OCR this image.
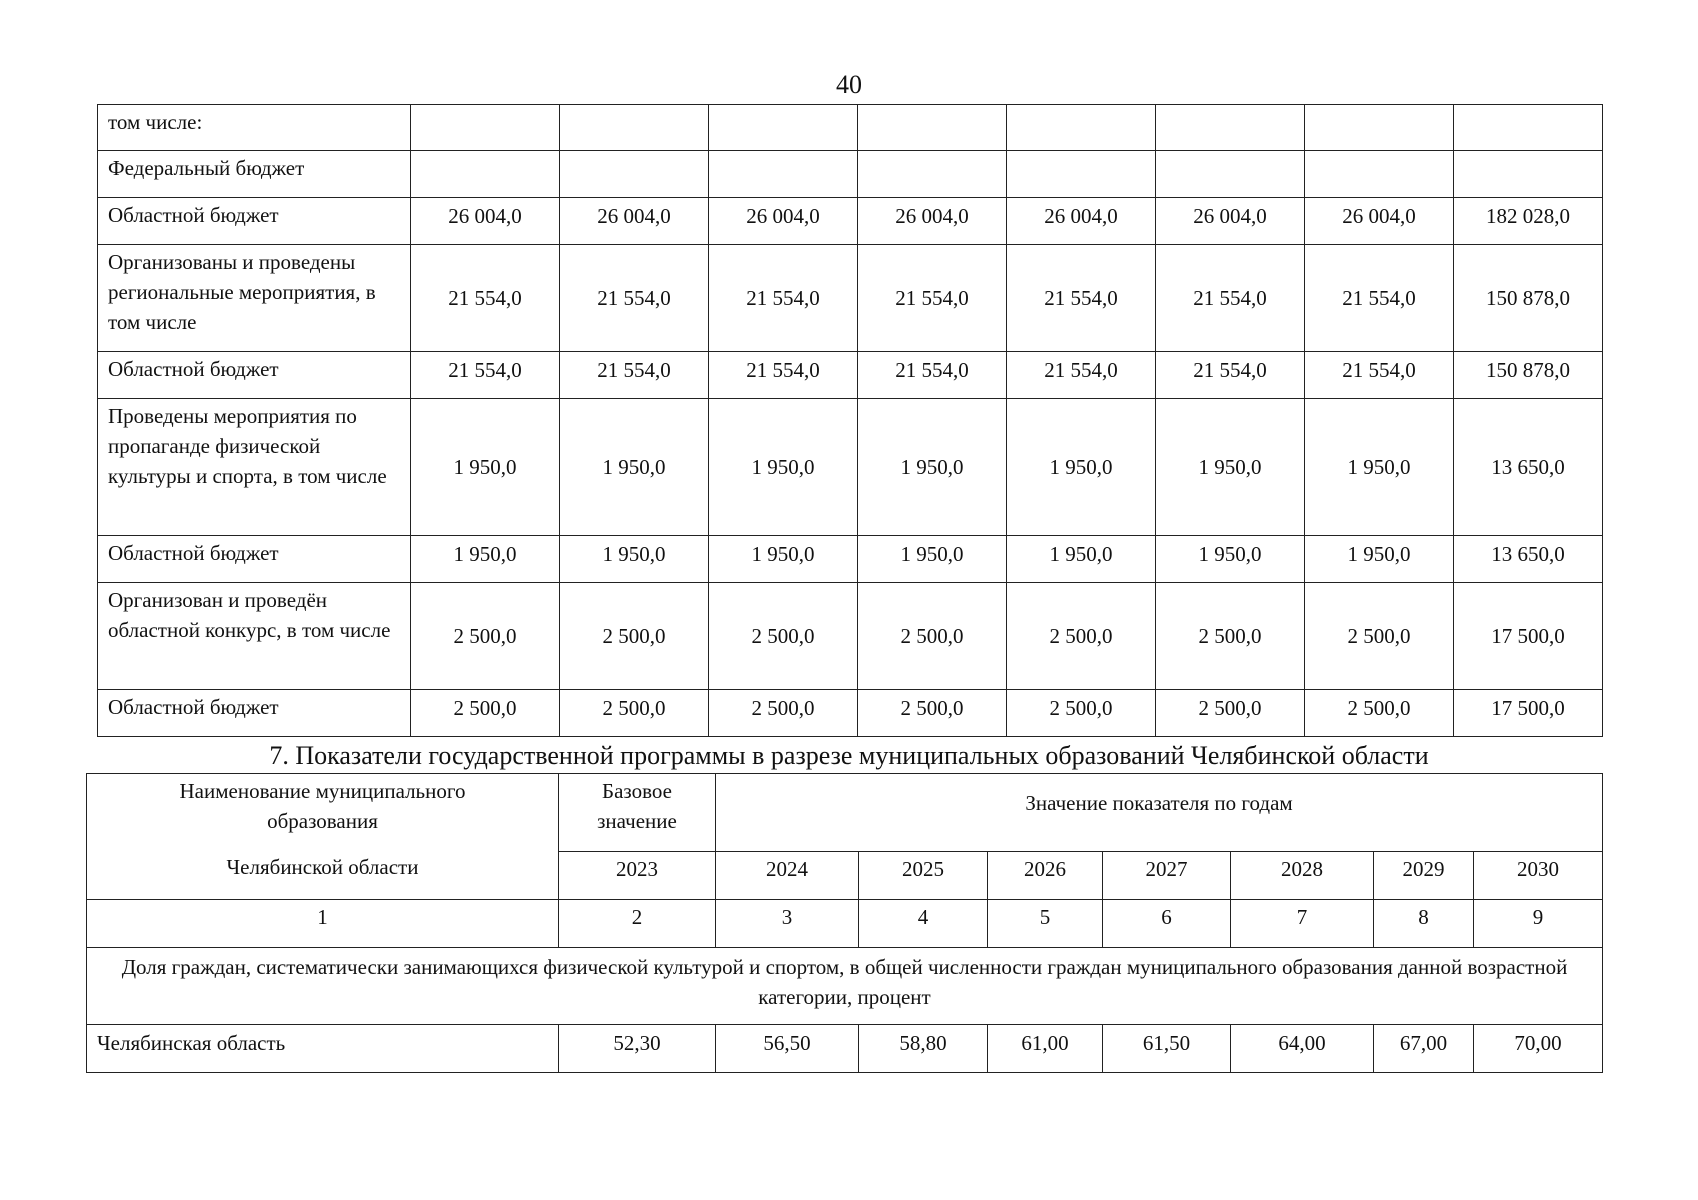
40
том числе:								
Федеральный бюджет								
Областной бюджет	26 004,0	26 004,0	26 004,0	26 004,0	26 004,0	26 004,0	26 004,0	182 028,0
Организованы и проведены региональные мероприятия, в том числе	21 554,0	21 554,0	21 554,0	21 554,0	21 554,0	21 554,0	21 554,0	150 878,0
Областной бюджет	21 554,0	21 554,0	21 554,0	21 554,0	21 554,0	21 554,0	21 554,0	150 878,0
Проведены мероприятия по пропаганде физической культуры и спорта, в том числе	1 950,0	1 950,0	1 950,0	1 950,0	1 950,0	1 950,0	1 950,0	13 650,0
Областной бюджет	1 950,0	1 950,0	1 950,0	1 950,0	1 950,0	1 950,0	1 950,0	13 650,0
Организован и проведён областной конкурс, в том числе	2 500,0	2 500,0	2 500,0	2 500,0	2 500,0	2 500,0	2 500,0	17 500,0
Областной бюджет	2 500,0	2 500,0	2 500,0	2 500,0	2 500,0	2 500,0	2 500,0	17 500,0
7. Показатели государственной программы в разрезе муниципальных образований Челябинской области
Наименование муниципального образования
Челябинской области	Базовое значение	Значение показателя по годам						
	2023	2024	2025	2026	2027	2028	2029	2030
1	2	3	4	5	6	7	8	9
Доля граждан, систематически занимающихся физической культурой и спортом, в общей численности граждан муниципального образования данной возрастной категории, процент								
Челябинская область	52,30	56,50	58,80	61,00	61,50	64,00	67,00	70,00
